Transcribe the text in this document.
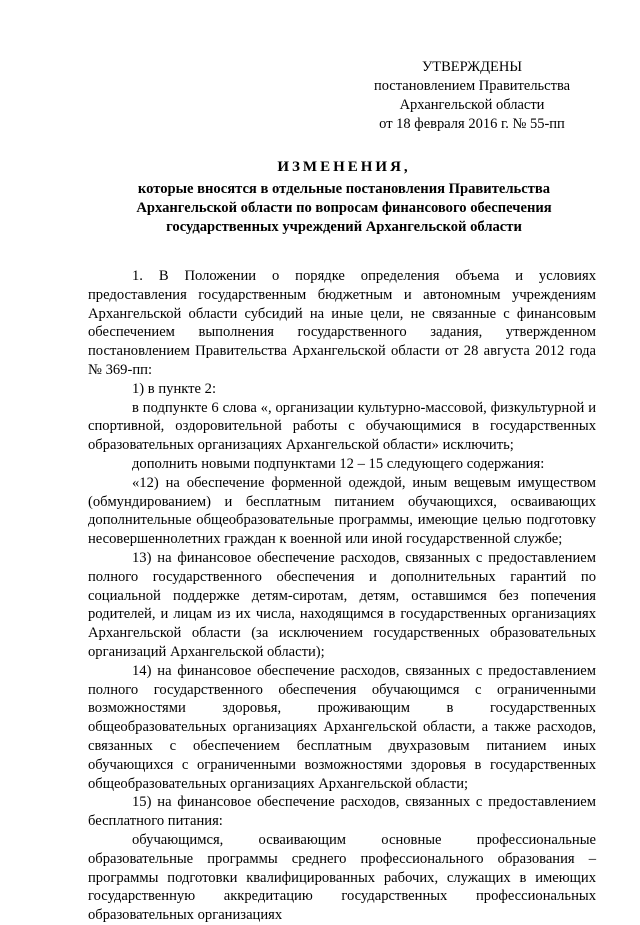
УТВЕРЖДЕНЫ
постановлением Правительства
Архангельской области
от 18 февраля 2016 г. № 55-пп
ИЗМЕНЕНИЯ,
которые вносятся в отдельные постановления Правительства
Архангельской области по вопросам финансового обеспечения
государственных учреждений Архангельской области

1. В Положении о порядке определения объема и условиях предоставления государственным бюджетным и автономным учреждениям Архангельской области субсидий на иные цели, не связанные с финансовым обеспечением выполнения государственного задания, утвержденном постановлением Правительства Архангельской области от 28 августа 2012 года № 369-пп:

1) в пункте 2:

в подпункте 6 слова «, организации культурно-массовой, физкультурной и спортивной, оздоровительной работы с обучающимися в государственных образовательных организациях Архангельской области» исключить;

дополнить новыми подпунктами 12 – 15 следующего содержания:

«12) на обеспечение форменной одеждой, иным вещевым имуществом (обмундированием) и бесплатным питанием обучающихся, осваивающих дополнительные общеобразовательные программы, имеющие целью подготовку несовершеннолетних граждан к военной или иной государственной службе;

13) на финансовое обеспечение расходов, связанных с предоставлением полного государственного обеспечения и дополнительных гарантий по социальной поддержке детям-сиротам, детям, оставшимся без попечения родителей, и лицам из их числа, находящимся в государственных организациях Архангельской области (за исключением государственных образовательных организаций Архангельской области);

14) на финансовое обеспечение расходов, связанных с предоставлением полного государственного обеспечения обучающимся с ограниченными возможностями здоровья, проживающим в государственных общеобразовательных организациях Архангельской области, а также расходов, связанных с обеспечением бесплатным двухразовым питанием иных обучающихся с ограниченными возможностями здоровья в государственных общеобразовательных организациях Архангельской области;

15) на финансовое обеспечение расходов, связанных с предоставлением бесплатного питания:

обучающимся, осваивающим основные профессиональные образовательные программы среднего профессионального образования – программы подготовки квалифицированных рабочих, служащих в имеющих государственную аккредитацию государственных профессиональных образовательных организациях
